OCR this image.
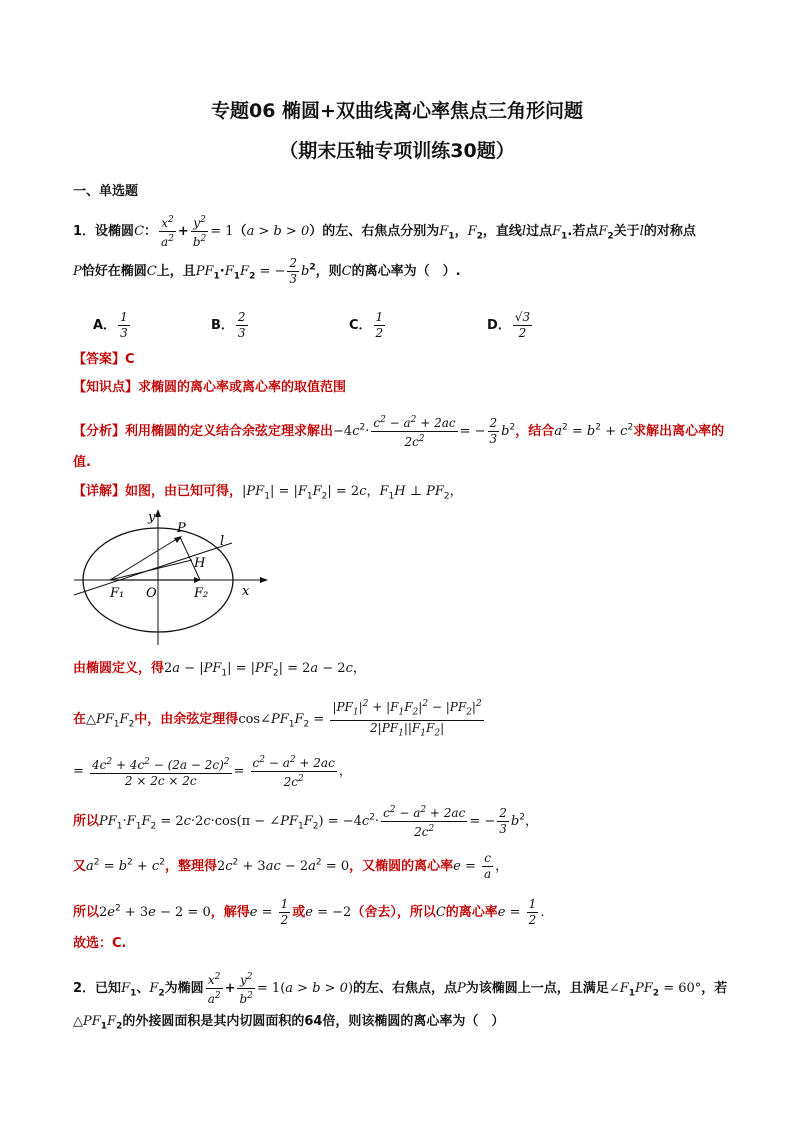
专题06 椭圆+双曲线离心率焦点三角形问题
（期末压轴专项训练30题）
一、单选题
1．设椭圆C： $\frac{x^2}{a^2} + \frac{y^2}{b^2} = 1(a > b > 0)$的左、右焦点分别为$F_1$，$F_2$，直线l过点$F_1$.若点$F_2$关于l的对称点
P恰好在椭圆C上，且$PF_1\cdot F_1F_2$ = − $\frac{2}{3} b^2$，则C的离心率为（　）.
A． $\frac{1}{3}$	B． $\frac{2}{3}$	C． $\frac{1}{2}$	D． $\frac{√3}{2}$
【答案】C
【知识点】求椭圆的离心率或离心率的取值范围
【分析】利用椭圆的定义结合余弦定理求解出$-4c^2\cdot \frac{c^2 - a^2 + 2ac}{2c^2}$ = − $\frac{2}{3} b^2$，结合$a^2 = b^2 + c^2$求解出离心率的
值.
【详解】如图，由已知可得，$|PF_1| = |F_1F_2| = 2c$，$F_1H$ ⊥ $PF_2$，
y
P
l
H
F₁ O	F₂	x
由椭圆定义，得$2a - |PF_1| = |PF_2| = 2a - 2c$，
在$\triangle PF_1F_2$中，由余弦定理得$\cos\angle PF_1F_2 = \frac{|PF_1|^2 + |F_1F_2|^2 - |PF_2|^2}{2|PF_1||F_1F_2|}$
= $\frac{4c^2 + 4c^2 - (2a - 2c)^2}{2 \times 2c \times 2c} = \frac{c^2 - a^2 + 2ac}{2c^2}$ ，
所以$PF_1\cdot F_1F_2 = 2c\cdot 2c\cdot\cos(\pi$ − $\angle PF_1F_2) = -4c^2\cdot \frac{c^2 - a^2 + 2ac}{2c^2}$ = − $\frac{2}{3} b^2$，
又$a^2 = b^2 + c^2$，整理得$2c^2 + 3ac - 2a^2 = 0$，又椭圆的离心率$e = \frac{c}{a}$ ，
所以$2e^2 + 3e - 2 = 0$，解得$e = \frac{1}{2}$ 或e = −2（舍去），所以C的离心率$e = \frac{1}{2}$ .
故选：C.
2．已知$F_1$、$F_2$为椭圆 $\frac{x^2}{a^2} + \frac{y^2}{b^2} = 1(a > b > 0)$的左、右焦点，点P为该椭圆上一点，且满足$\angle F_1PF_2 = 60^\circ$，若
$\triangle PF_1F_2$的外接圆面积是其内切圆面积的64倍，则该椭圆的离心率为（　）
